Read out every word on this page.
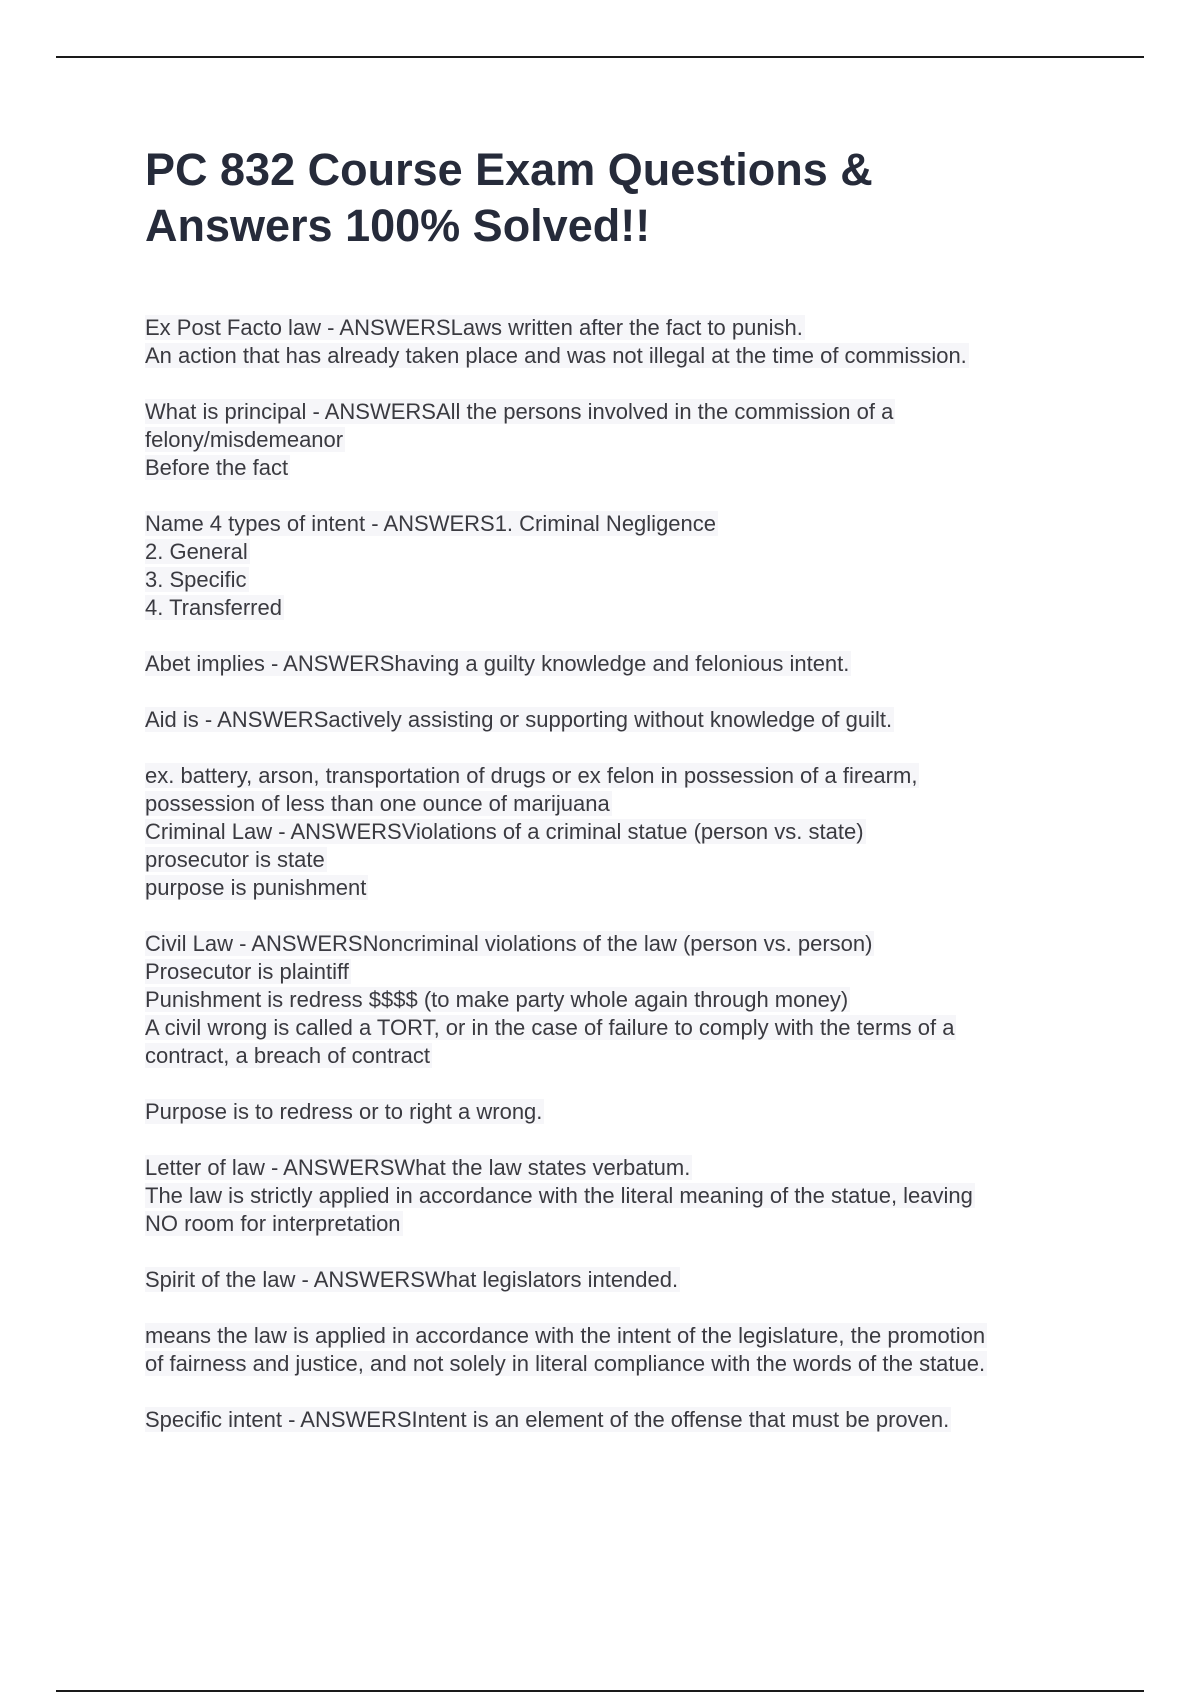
PC 832 Course Exam Questions &
Answers 100% Solved!!
Ex Post Facto law - ANSWERSLaws written after the fact to punish.
An action that has already taken place and was not illegal at the time of commission.
What is principal - ANSWERSAll the persons involved in the commission of a
felony/misdemeanor
Before the fact
Name 4 types of intent - ANSWERS1. Criminal Negligence
2. General
3. Specific
4. Transferred
Abet implies - ANSWERShaving a guilty knowledge and felonious intent.
Aid is - ANSWERSactively assisting or supporting without knowledge of guilt.
ex. battery, arson, transportation of drugs or ex felon in possession of a firearm,
possession of less than one ounce of marijuana
Criminal Law - ANSWERSViolations of a criminal statue (person vs. state)
prosecutor is state
purpose is punishment
Civil Law - ANSWERSNoncriminal violations of the law (person vs. person)
Prosecutor is plaintiff
Punishment is redress $$$$ (to make party whole again through money)
A civil wrong is called a TORT, or in the case of failure to comply with the terms of a
contract, a breach of contract
Purpose is to redress or to right a wrong.
Letter of law - ANSWERSWhat the law states verbatum.
The law is strictly applied in accordance with the literal meaning of the statue, leaving
NO room for interpretation
Spirit of the law - ANSWERSWhat legislators intended.
means the law is applied in accordance with the intent of the legislature, the promotion
of fairness and justice, and not solely in literal compliance with the words of the statue.
Specific intent - ANSWERSIntent is an element of the offense that must be proven.
